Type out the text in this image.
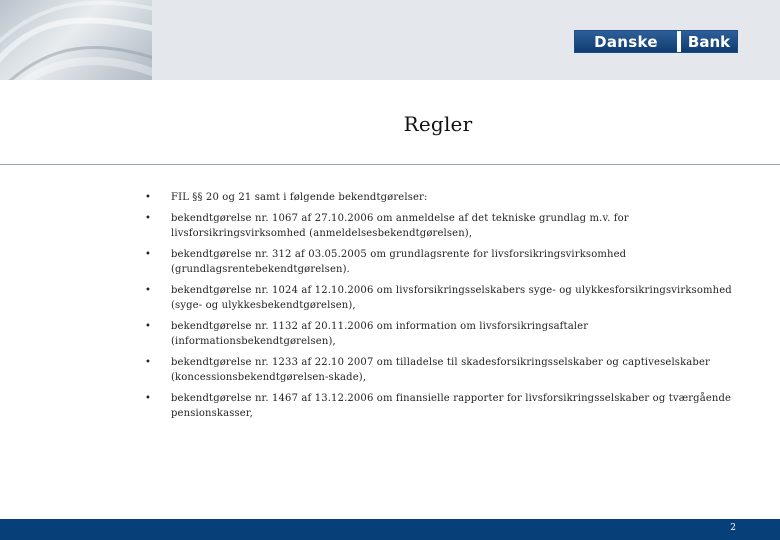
Danske	Bank
Regler
•	FIL §§ 20 og 21 samt i følgende bekendtgørelser:
•	bekendtgørelse nr. 1067 af 27.10.2006 om anmeldelse af det tekniske grundlag m.v. for livsforsikringsvirksomhed (anmeldelsesbekendtgørelsen),
•	bekendtgørelse nr. 312 af 03.05.2005 om grundlagsrente for livsforsikringsvirksomhed (grundlagsrentebekendtgørelsen).
•	bekendtgørelse nr. 1024 af 12.10.2006 om livsforsikringsselskabers syge- og ulykkesforsikringsvirksomhed (syge- og ulykkesbekendtgørelsen),
•	bekendtgørelse nr. 1132 af 20.11.2006 om information om livsforsikringsaftaler (informationsbekendtgørelsen),
•	bekendtgørelse nr. 1233 af 22.10 2007 om tilladelse til skadesforsikringsselskaber og captiveselskaber (koncessionsbekendtgørelsen-skade),
•	bekendtgørelse nr. 1467 af 13.12.2006 om finansielle rapporter for livsforsikringsselskaber og tværgående pensionskasser,
2
